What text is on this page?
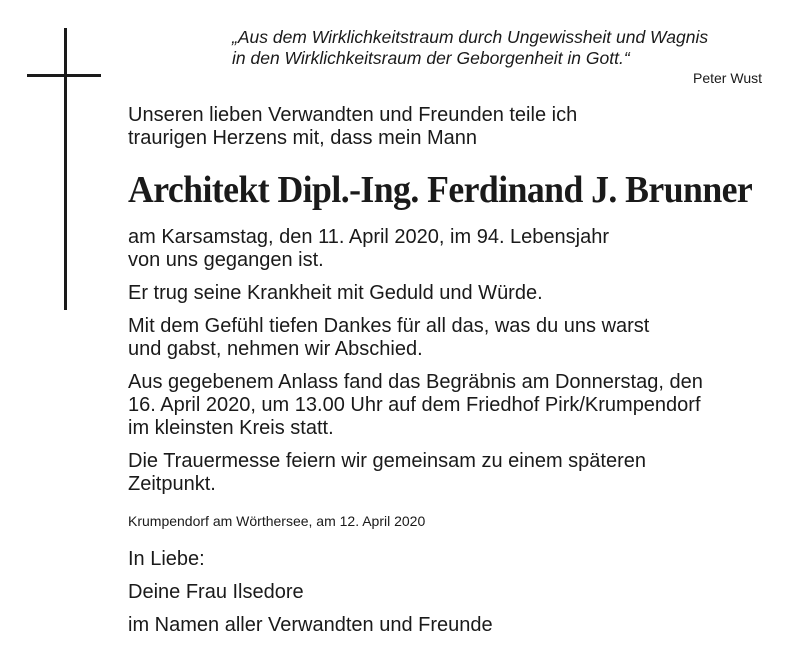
„Aus dem Wirklichkeitstraum durch Ungewissheit und Wagnis
in den Wirklichkeitsraum der Geborgenheit in Gott.“
Peter Wust

Unseren lieben Verwandten und Freunden teile ich

traurigen Herzens mit, dass mein Mann

Architekt Dipl.-Ing. Ferdinand J. Brunner

am Karsamstag, den 11. April 2020, im 94. Lebensjahr

von uns gegangen ist.

Er trug seine Krankheit mit Geduld und Würde.

Mit dem Gefühl tiefen Dankes für all das, was du uns warst

und gabst, nehmen wir Abschied.

Aus gegebenem Anlass fand das Begräbnis am Donnerstag, den

16. April 2020, um 13.00 Uhr auf dem Friedhof Pirk/Krumpendorf

im kleinsten Kreis statt.

Die Trauermesse feiern wir gemeinsam zu einem späteren

Zeitpunkt.

Krumpendorf am Wörthersee, am 12. April 2020

In Liebe:

Deine Frau Ilsedore

im Namen aller Verwandten und Freunde
